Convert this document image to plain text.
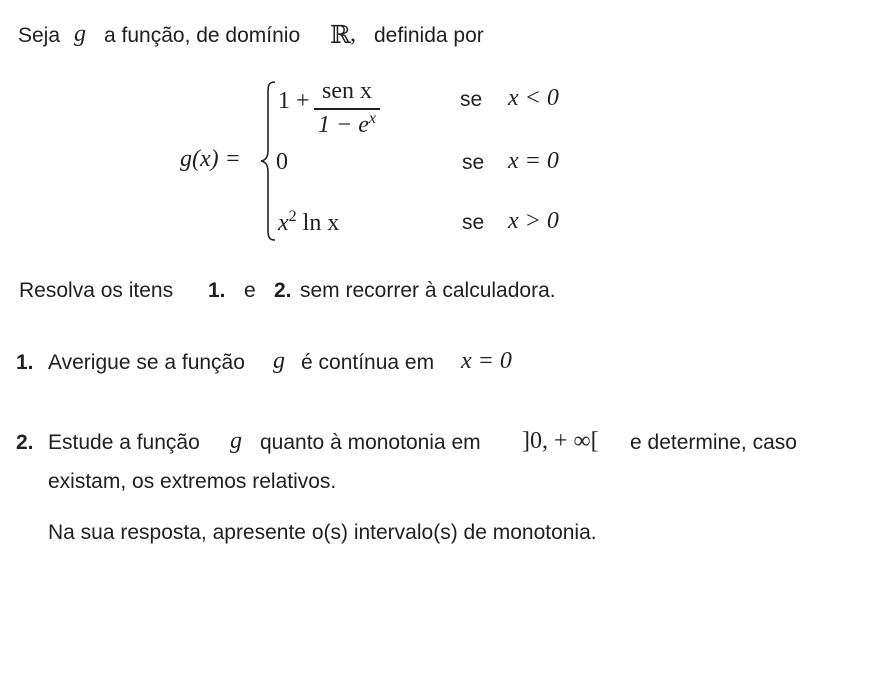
Seja g a função, de domínio ℝ , definida por
g(x) =
1 + sen x
$1 - e^x$
se x < 0
0	se x = 0
$x^2$ ln x	se x > 0
Resolva os itens 1. e 2. sem recorrer à calculadora.
1. Averigue se a função g é contínua em x = 0
2. Estude a função g quanto à monotonia em ]0, + ∞[ e determine, caso
existam, os extremos relativos.
Na sua resposta, apresente o(s) intervalo(s) de monotonia.
